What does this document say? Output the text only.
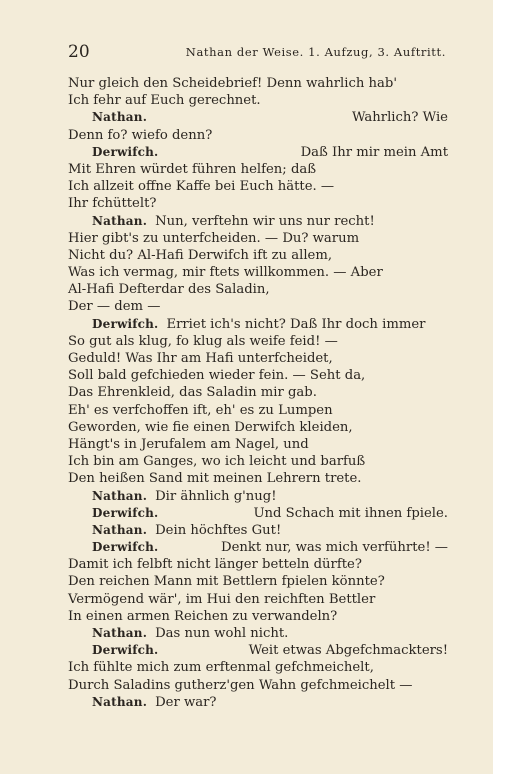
20	Nathan der Weise. 1. Aufzug, 3. Auftritt.
Nur gleich den Scheidebrief! Denn wahrlich hab'
Ich fehr auf Euch gerechnet.
Nathan.	Wahrlich? Wie
Denn fo? wiefo denn?
Derwifch.	Daß Ihr mir mein Amt
Mit Ehren würdet führen helfen; daß
Ich allzeit offne Kaffe bei Euch hätte. —
Ihr fchüttelt?
Nathan. Nun, verftehn wir uns nur recht!
Hier gibt's zu unterfcheiden. — Du? warum
Nicht du? Al-Hafi Derwifch ift zu allem,
Was ich vermag, mir ftets willkommen. — Aber
Al-Hafi Defterdar des Saladin,
Der — dem —
Derwifch. Erriet ich's nicht? Daß Ihr doch immer
So gut als klug, fo klug als weife feid! —
Geduld! Was Ihr am Hafi unterfcheidet,
Soll bald gefchieden wieder fein. — Seht da,
Das Ehrenkleid, das Saladin mir gab.
Eh' es verfchoffen ift, eh' es zu Lumpen
Geworden, wie fie einen Derwifch kleiden,
Hängt's in Jerufalem am Nagel, und
Ich bin am Ganges, wo ich leicht und barfuß
Den heißen Sand mit meinen Lehrern trete.
Nathan. Dir ähnlich g'nug!
Derwifch.	Und Schach mit ihnen fpiele.
Nathan. Dein höchftes Gut!
Derwifch.	Denkt nur, was mich verführte! —
Damit ich felbft nicht länger betteln dürfte?
Den reichen Mann mit Bettlern fpielen könnte?
Vermögend wär', im Hui den reichften Bettler
In einen armen Reichen zu verwandeln?
Nathan. Das nun wohl nicht.
Derwifch.	Weit etwas Abgefchmackters!
Ich fühlte mich zum erftenmal gefchmeichelt,
Durch Saladins gutherz'gen Wahn gefchmeichelt —
Nathan. Der war?
